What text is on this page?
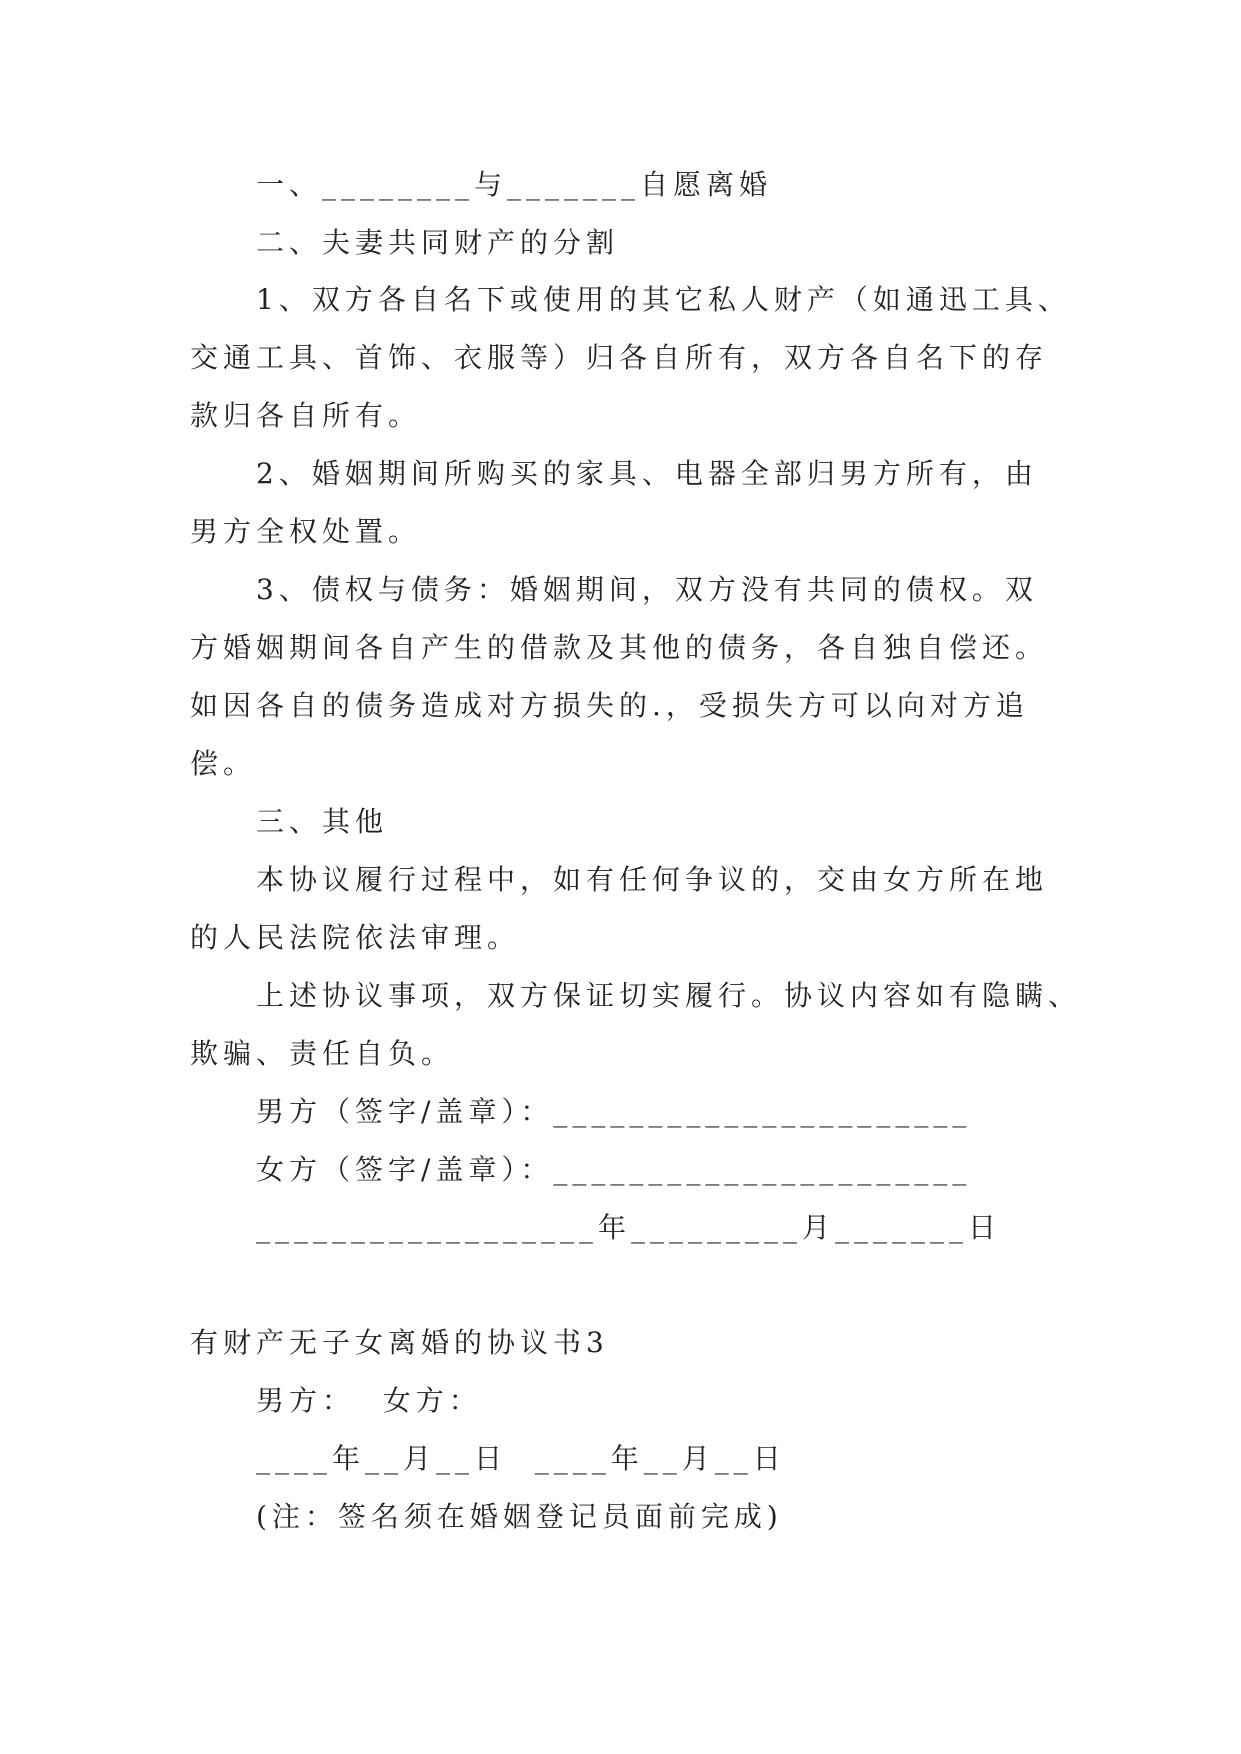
一、________与_______自愿离婚
二、夫妻共同财产的分割
1、双方各自名下或使用的其它私人财产（如通迅工具、
交通工具、首饰、衣服等）归各自所有，双方各自名下的存
款归各自所有。
2、婚姻期间所购买的家具、电器全部归男方所有，由
男方全权处置。
3、债权与债务：婚姻期间，双方没有共同的债权。双
方婚姻期间各自产生的借款及其他的债务，各自独自偿还。
如因各自的债务造成对方损失的.，受损失方可以向对方追
偿。
三、其他
本协议履行过程中，如有任何争议的，交由女方所在地
的人民法院依法审理。
上述协议事项，双方保证切实履行。协议内容如有隐瞒、
欺骗、责任自负。
男方（签字/盖章）：______________________
女方（签字/盖章）：______________________
__________________年_________月_______日
有财产无子女离婚的协议书3
男方：  女方：
____年__月__日  ____年__月__日
(注：签名须在婚姻登记员面前完成)
